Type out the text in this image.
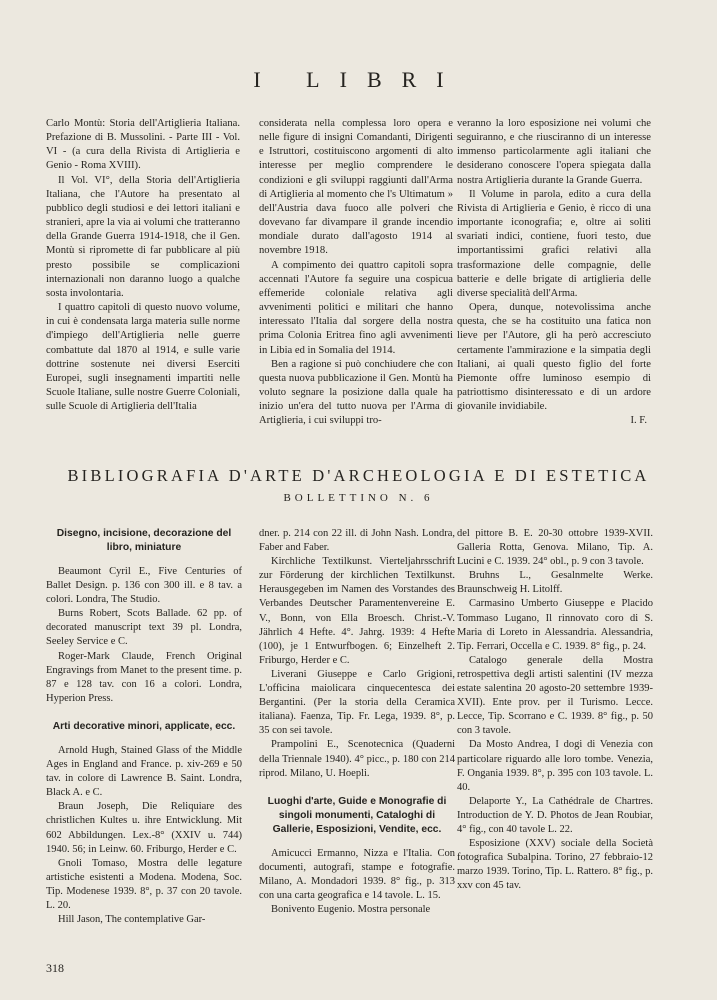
I LIBRI

Carlo Montù: Storia dell'Artiglieria Italiana. Prefazione di B. Mussolini. - Parte III - Vol. VI - (a cura della Rivista di Artiglieria e Genio - Roma XVIII).

Il Vol. VI°, della Storia dell'Artiglieria Italiana, che l'Autore ha presentato al pubblico degli studiosi e dei lettori italiani e stranieri, apre la via ai volumi che tratteranno della Grande Guerra 1914-1918, che il Gen. Montù si ripromette di far pubblicare al più presto possibile se complicazioni internazionali non daranno luogo a qualche sosta involontaria.

I quattro capitoli di questo nuovo volume, in cui è condensata larga materia sulle norme d'impiego dell'Artiglieria nelle guerre combattute dal 1870 al 1914, e sulle varie dottrine sostenute nei diversi Eserciti Europei, sugli insegnamenti impartiti nelle Scuole Italiane, sulle nostre Guerre Coloniali, sulle Scuole di Artiglieria dell'Italia

considerata nella complessa loro opera e nelle figure di insigni Comandanti, Dirigenti e Istruttori, costituiscono argomenti di alto interesse per meglio comprendere le condizioni e gli sviluppi raggiunti dall'Arma di Artiglieria al momento che l's Ultimatum » dell'Austria dava fuoco alle polveri che dovevano far divampare il grande incendio mondiale durato dall'agosto 1914 al novembre 1918.

A compimento dei quattro capitoli sopra accennati l'Autore fa seguire una cospicua effemeride coloniale relativa agli avvenimenti politici e militari che hanno interessato l'Italia dal sorgere della nostra prima Colonia Eritrea fino agli avvenimenti in Libia ed in Somalia del 1914.

Ben a ragione si può conchiudere che con questa nuova pubblicazione il Gen. Montù ha voluto segnare la posizione dalla quale ha inizio un'era del tutto nuova per l'Arma di Artiglieria, i cui sviluppi tro-

veranno la loro esposizione nei volumi che seguiranno, e che riusciranno di un interesse immenso particolarmente agli italiani che desiderano conoscere l'opera spiegata dalla nostra Artiglieria durante la Grande Guerra.

Il Volume in parola, edito a cura della Rivista di Artiglieria e Genio, è ricco di una importante iconografia; e, oltre ai soliti svariati indici, contiene, fuori testo, due importantissimi grafici relativi alla trasformazione delle compagnie, delle batterie e delle brigate di artiglieria delle diverse specialità dell'Arma.

Opera, dunque, notevolissima anche questa, che se ha costituito una fatica non lieve per l'Autore, gli ha però accresciuto certamente l'ammirazione e la simpatia degli Italiani, ai quali questo figlio del forte Piemonte offre luminoso esempio di patriottismo disinteressato e di un ardore giovanile invidiabile.

I. F.

BIBLIOGRAFIA D'ARTE D'ARCHEOLOGIA E DI ESTETICA
BOLLETTINO N. 6

Disegno, incisione, decorazione del libro, miniature

Beaumont Cyril E., Five Centuries of Ballet Design. p. 136 con 300 ill. e 8 tav. a colori. Londra, The Studio.

Burns Robert, Scots Ballade. 62 pp. of decorated manuscript text 39 pl. Londra, Seeley Service e C.

Roger-Mark Claude, French Original Engravings from Manet to the present time. p. 87 e 128 tav. con 16 a colori. Londra, Hyperion Press.

Arti decorative minori, applicate, ecc.

Arnold Hugh, Stained Glass of the Middle Ages in England and France. p. xiv-269 e 50 tav. in colore di Lawrence B. Saint. Londra, Black A. e C.

Braun Joseph, Die Reliquiare des christlichen Kultes u. ihre Entwicklung. Mit 602 Abbildungen. Lex.-8° (XXIV u. 744) 1940. 56; in Leinw. 60. Friburgo, Herder e C.

Gnoli Tomaso, Mostra delle legature artistiche esistenti a Modena. Modena, Soc. Tip. Modenese 1939. 8°, p. 37 con 20 tavole. L. 20.

Hill Jason, The contemplative Gar-

dner. p. 214 con 22 ill. di John Nash. Londra, Faber and Faber.

Kirchliche Textilkunst. Vierteljahrsschrift zur Förderung der kirchlichen Textilkunst. Herausgegeben im Namen des Vorstandes des Verbandes Deutscher Paramentenvereine E. V., Bonn, von Ella Broesch. Christ.-V. Jährlich 4 Hefte. 4°. Jahrg. 1939: 4 Hefte (100), je 1 Entwurfbogen. 6; Einzelheft 2. Friburgo, Herder e C.

Liverani Giuseppe e Carlo Grigioni, L'officina maiolicara cinquecentesca dei Bergantini. (Per la storia della Ceramica italiana). Faenza, Tip. Fr. Lega, 1939. 8°, p. 35 con sei tavole.

Prampolini E., Scenotecnica (Quaderni della Triennale 1940). 4° picc., p. 180 con 214 riprod. Milano, U. Hoepli.

Luoghi d'arte, Guide e Monografie di singoli monumenti, Cataloghi di Gallerie, Esposizioni, Vendite, ecc.

Amicucci Ermanno, Nizza e l'Italia. Con documenti, autografi, stampe e fotografie. Milano, A. Mondadori 1939. 8° fig., p. 313 con una carta geografica e 14 tavole. L. 15.

Bonivento Eugenio. Mostra personale

del pittore B. E. 20-30 ottobre 1939-XVII. Galleria Rotta, Genova. Milano, Tip. A. Lucini e C. 1939. 24° obl., p. 9 con 3 tavole.

Bruhns L., Gesalnmelte Werke. Braunschweig H. Litolff.

Carmasino Umberto Giuseppe e Placido Tommaso Lugano, Il rinnovato coro di S. Maria di Loreto in Alessandria. Alessandria, Tip. Ferrari, Occella e C. 1939. 8° fig., p. 24.

Catalogo generale della Mostra retrospettiva degli artisti salentini (IV mezza estate salentina 20 agosto-20 settembre 1939-XVII). Ente prov. per il Turismo. Lecce. Lecce, Tip. Scorrano e C. 1939. 8° fig., p. 50 con 3 tavole.

Da Mosto Andrea, I dogi di Venezia con particolare riguardo alle loro tombe. Venezia, F. Ongania 1939. 8°, p. 395 con 103 tavole. L. 40.

Delaporte Y., La Cathédrale de Chartres. Introduction de Y. D. Photos de Jean Roubiar, 4° fig., con 40 tavole L. 22.

Esposizione (XXV) sociale della Società fotografica Subalpina. Torino, 27 febbraio-12 marzo 1939. Torino, Tip. L. Rattero. 8° fig., p. xxv con 45 tav.

318
